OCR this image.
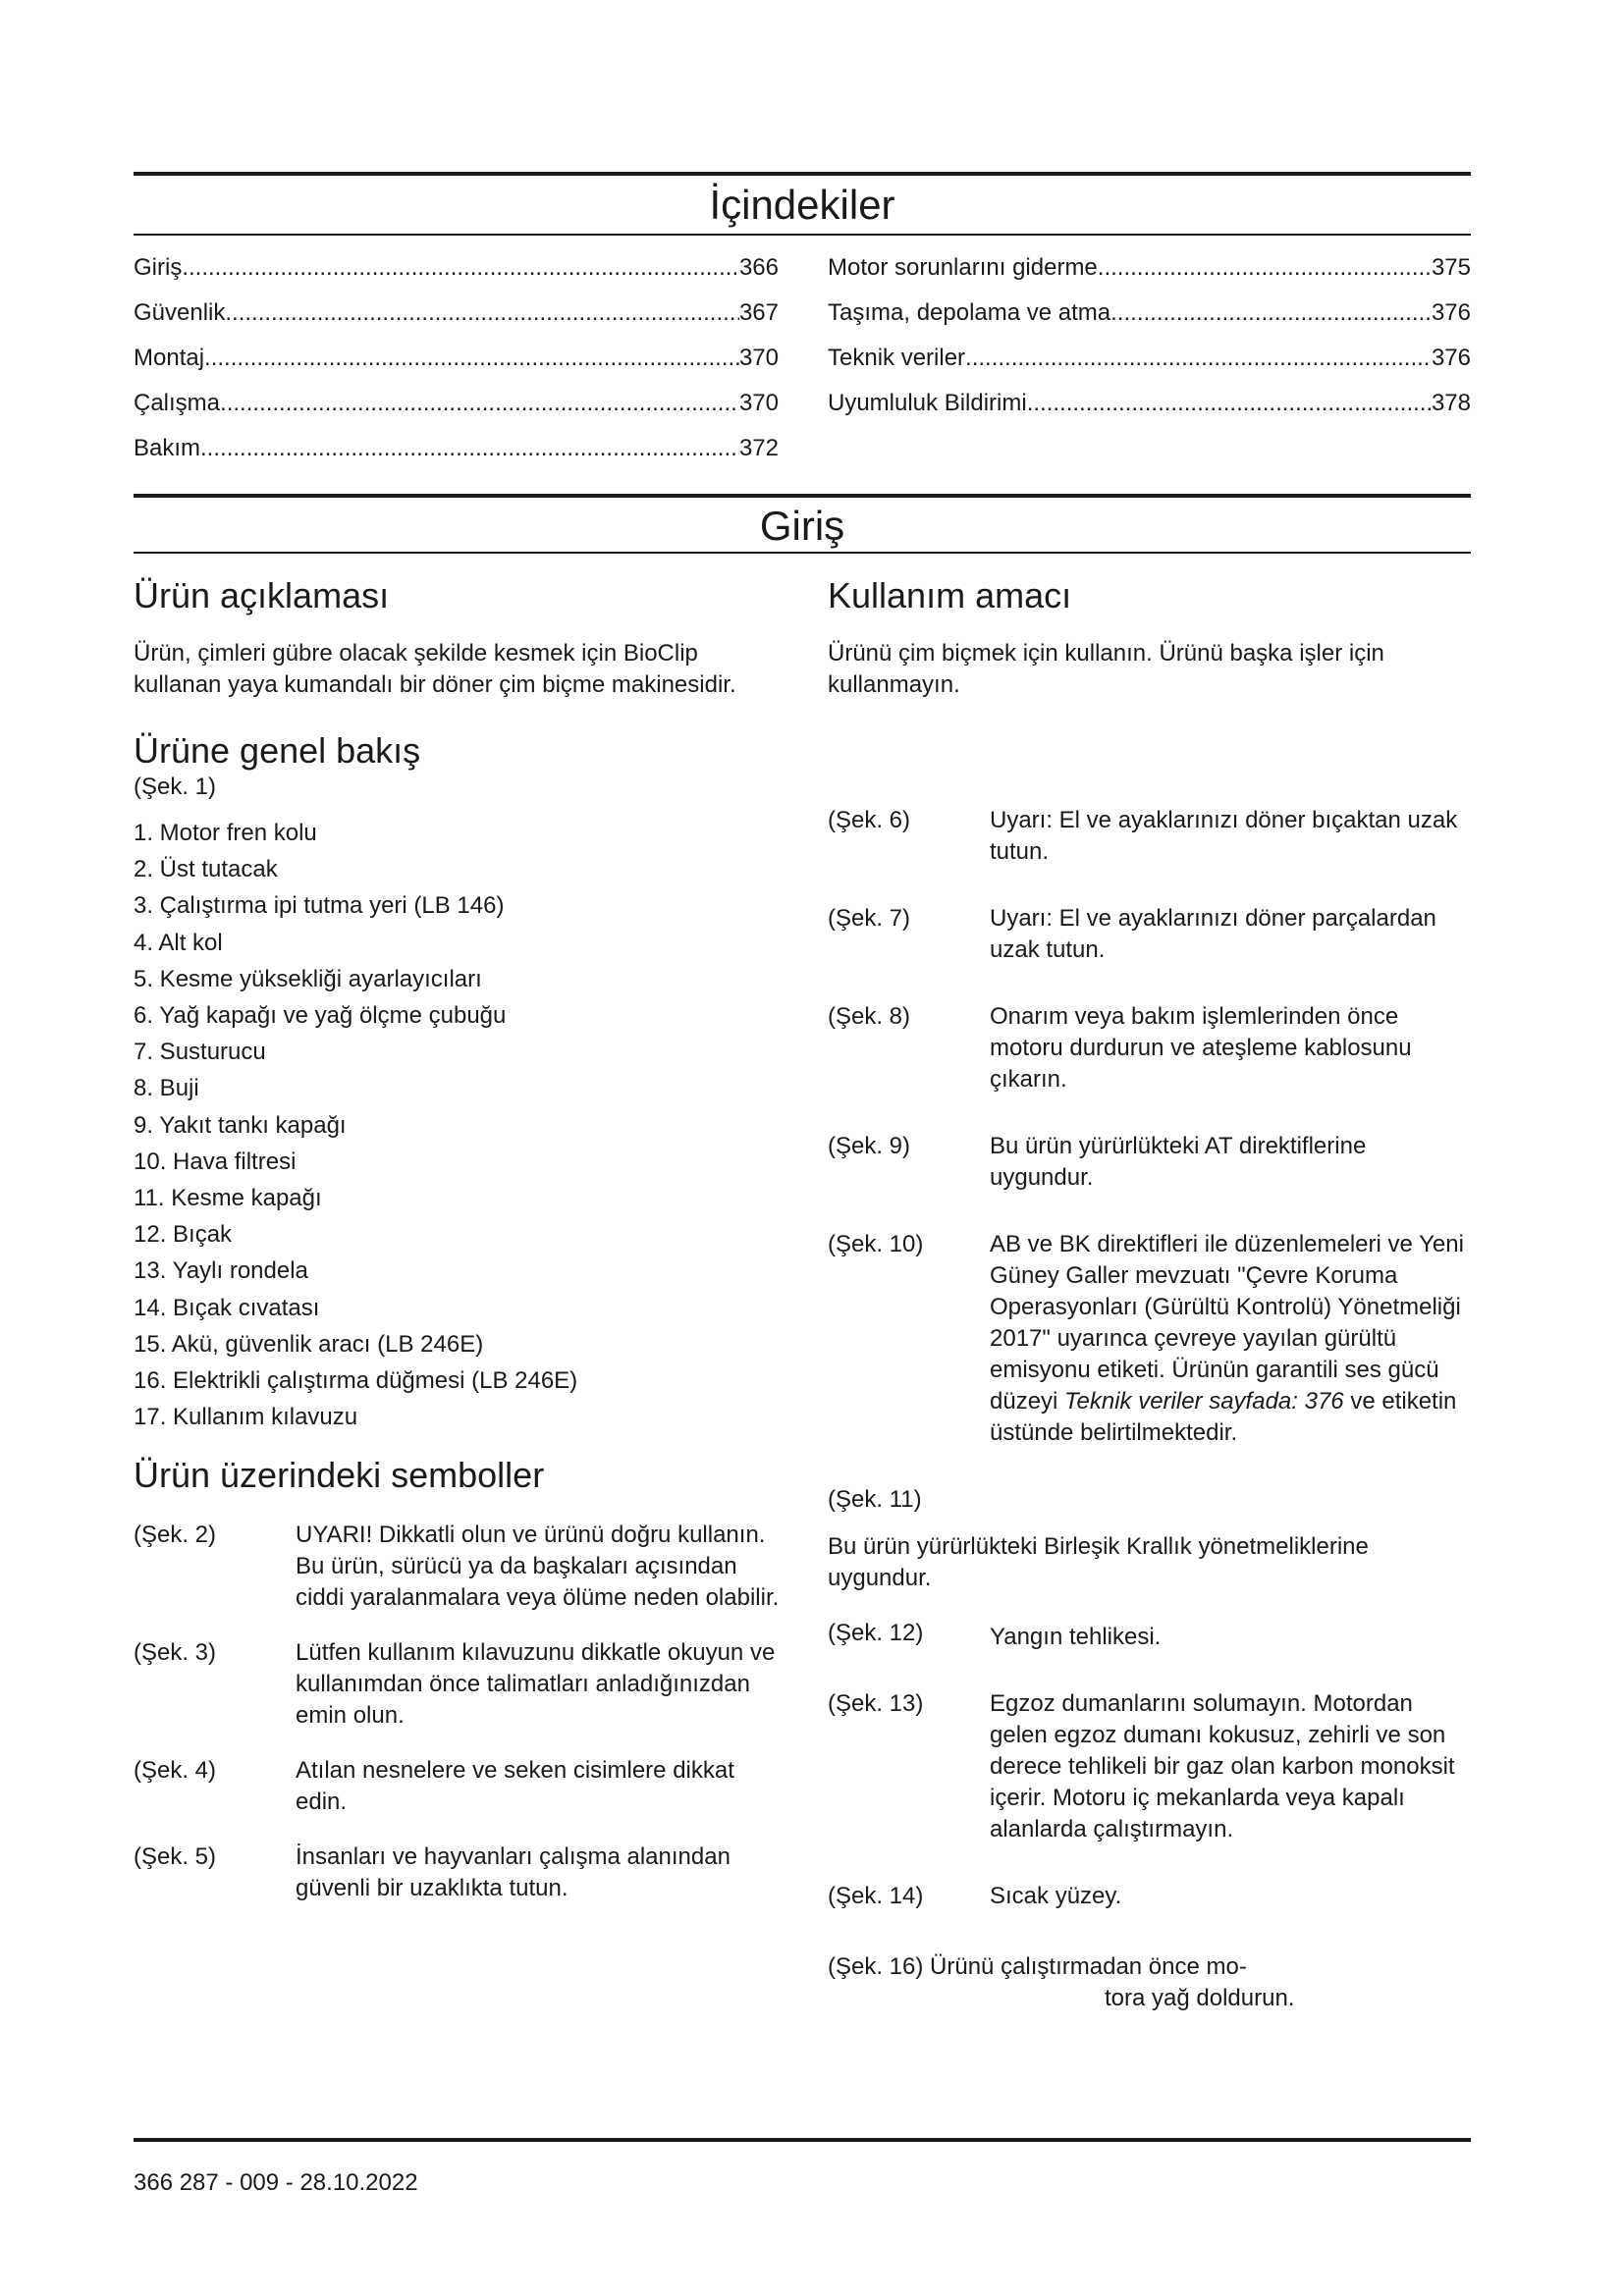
İçindekiler
Giriş .....	366
Güvenlik .....	367
Montaj .....	370
Çalışma .....	370
Bakım .....	372
Motor sorunlarını giderme .....	375
Taşıma, depolama ve atma .....	376
Teknik veriler .....	376
Uyumluluk Bildirimi .....	378
Giriş
Ürün açıklaması

Ürün, çimleri gübre olacak şekilde kesmek için BioClip kullanan yaya kumandalı bir döner çim biçme makinesidir.

Ürüne genel bakış

(Şek. 1)

1. Motor fren kolu
2. Üst tutacak
3. Çalıştırma ipi tutma yeri (LB 146)
4. Alt kol
5. Kesme yüksekliği ayarlayıcıları
6. Yağ kapağı ve yağ ölçme çubuğu
7. Susturucu
8. Buji
9. Yakıt tankı kapağı
10. Hava filtresi
11. Kesme kapağı
12. Bıçak
13. Yaylı rondela
14. Bıçak cıvatası
15. Akü, güvenlik aracı (LB 246E)
16. Elektrikli çalıştırma düğmesi (LB 246E)
17. Kullanım kılavuzu
Ürün üzerindeki semboller
(Şek. 2)	UYARI! Dikkatli olun ve ürünü doğru kullanın. Bu ürün, sürücü ya da başkaları açısından ciddi yaralanmalara veya ölüme neden olabilir.
(Şek. 3)	Lütfen kullanım kılavuzunu dikkatle okuyun ve kullanımdan önce talimatları anladığınızdan emin olun.
(Şek. 4)	Atılan nesnelere ve seken cisimlere dikkat edin.
(Şek. 5)	İnsanları ve hayvanları çalışma alanından güvenli bir uzaklıkta tutun.
Kullanım amacı

Ürünü çim biçmek için kullanın. Ürünü başka işler için kullanmayın.

(Şek. 6)	Uyarı: El ve ayaklarınızı döner bıçaktan uzak tutun.
(Şek. 7)	Uyarı: El ve ayaklarınızı döner parçalardan uzak tutun.
(Şek. 8)	Onarım veya bakım işlemlerinden önce motoru durdurun ve ateşleme kablosunu çıkarın.
(Şek. 9)	Bu ürün yürürlükteki AT direktiflerine uygundur.
(Şek. 10)	AB ve BK direktifleri ile düzenlemeleri ve Yeni Güney Galler mevzuatı "Çevre Koruma Operasyonları (Gürültü Kontrolü) Yönetmeliği 2017" uyarınca çevreye yayılan gürültü emisyonu etiketi. Ürünün garantili ses gücü düzeyi Teknik veriler sayfada: 376 ve etiketin üstünde belirtilmektedir.

(Şek. 11)

Bu ürün yürürlükteki Birleşik Krallık yönetmeliklerine uygundur.

(Şek. 12)	Yangın tehlikesi.
(Şek. 13)	Egzoz dumanlarını solumayın. Motordan gelen egzoz dumanı kokusuz, zehirli ve son derece tehlikeli bir gaz olan karbon monoksit içerir. Motoru iç mekanlarda veya kapalı alanlarda çalıştırmayın.
(Şek. 14)	Sıcak yüzey.

(Şek. 16) Ürünü çalıştırmadan önce mo-

tora yağ doldurun.

366 287 - 009 - 28.10.2022
